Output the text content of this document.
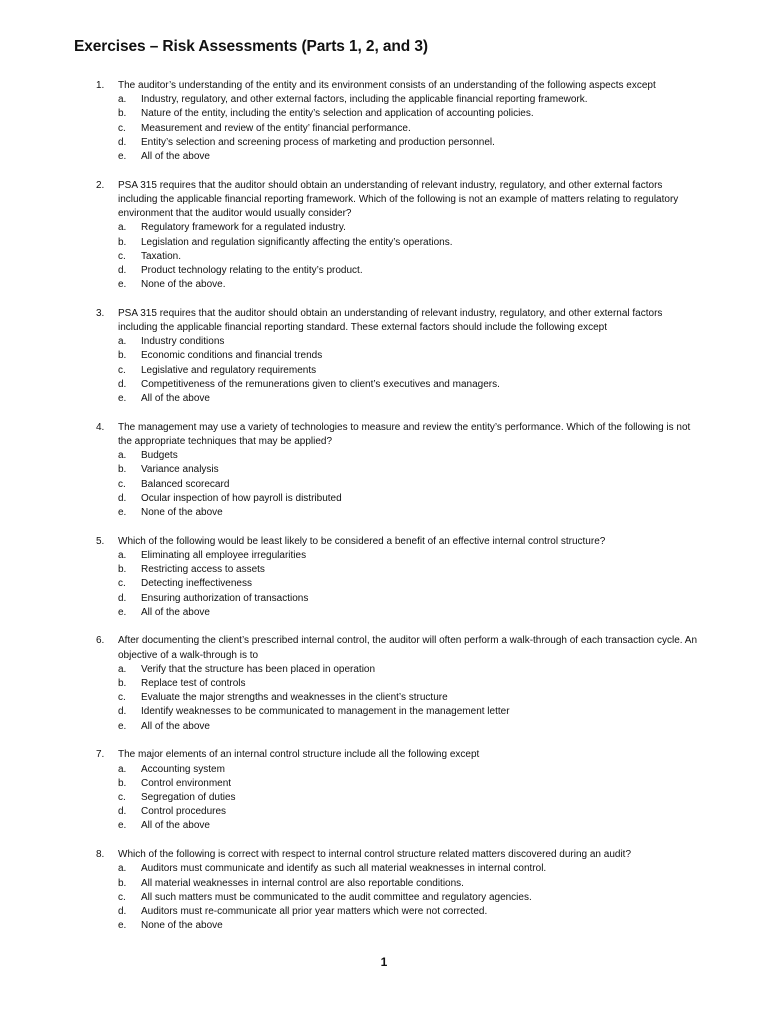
Exercises – Risk Assessments (Parts 1, 2, and 3)
1. The auditor’s understanding of the entity and its environment consists of an understanding of the following aspects except
a. Industry, regulatory, and other external factors, including the applicable financial reporting framework.
b. Nature of the entity, including the entity’s selection and application of accounting policies.
c. Measurement and review of the entity’ financial performance.
d. Entity’s selection and screening process of marketing and production personnel.
e. All of the above
2. PSA 315 requires that the auditor should obtain an understanding of relevant industry, regulatory, and other external factors including the applicable financial reporting framework. Which of the following is not an example of matters relating to regulatory environment that the auditor would usually consider?
a. Regulatory framework for a regulated industry.
b. Legislation and regulation significantly affecting the entity’s operations.
c. Taxation.
d. Product technology relating to the entity’s product.
e. None of the above.
3. PSA 315 requires that the auditor should obtain an understanding of relevant industry, regulatory, and other external factors including the applicable financial reporting standard. These external factors should include the following except
a. Industry conditions
b. Economic conditions and financial trends
c. Legislative and regulatory requirements
d. Competitiveness of the remunerations given to client’s executives and managers.
e. All of the above
4. The management may use a variety of technologies to measure and review the entity’s performance. Which of the following is not the appropriate techniques that may be applied?
a. Budgets
b. Variance analysis
c. Balanced scorecard
d. Ocular inspection of how payroll is distributed
e. None of the above
5. Which of the following would be least likely to be considered a benefit of an effective internal control structure?
a. Eliminating all employee irregularities
b. Restricting access to assets
c. Detecting ineffectiveness
d. Ensuring authorization of transactions
e. All of the above
6. After documenting the client’s prescribed internal control, the auditor will often perform a walk-through of each transaction cycle. An objective of a walk-through is to
a. Verify that the structure has been placed in operation
b. Replace test of controls
c. Evaluate the major strengths and weaknesses in the client’s structure
d. Identify weaknesses to be communicated to management in the management letter
e. All of the above
7. The major elements of an internal control structure include all the following except
a. Accounting system
b. Control environment
c. Segregation of duties
d. Control procedures
e. All of the above
8. Which of the following is correct with respect to internal control structure related matters discovered during an audit?
a. Auditors must communicate and identify as such all material weaknesses in internal control.
b. All material weaknesses in internal control are also reportable conditions.
c. All such matters must be communicated to the audit committee and regulatory agencies.
d. Auditors must re-communicate all prior year matters which were not corrected.
e. None of the above
1
